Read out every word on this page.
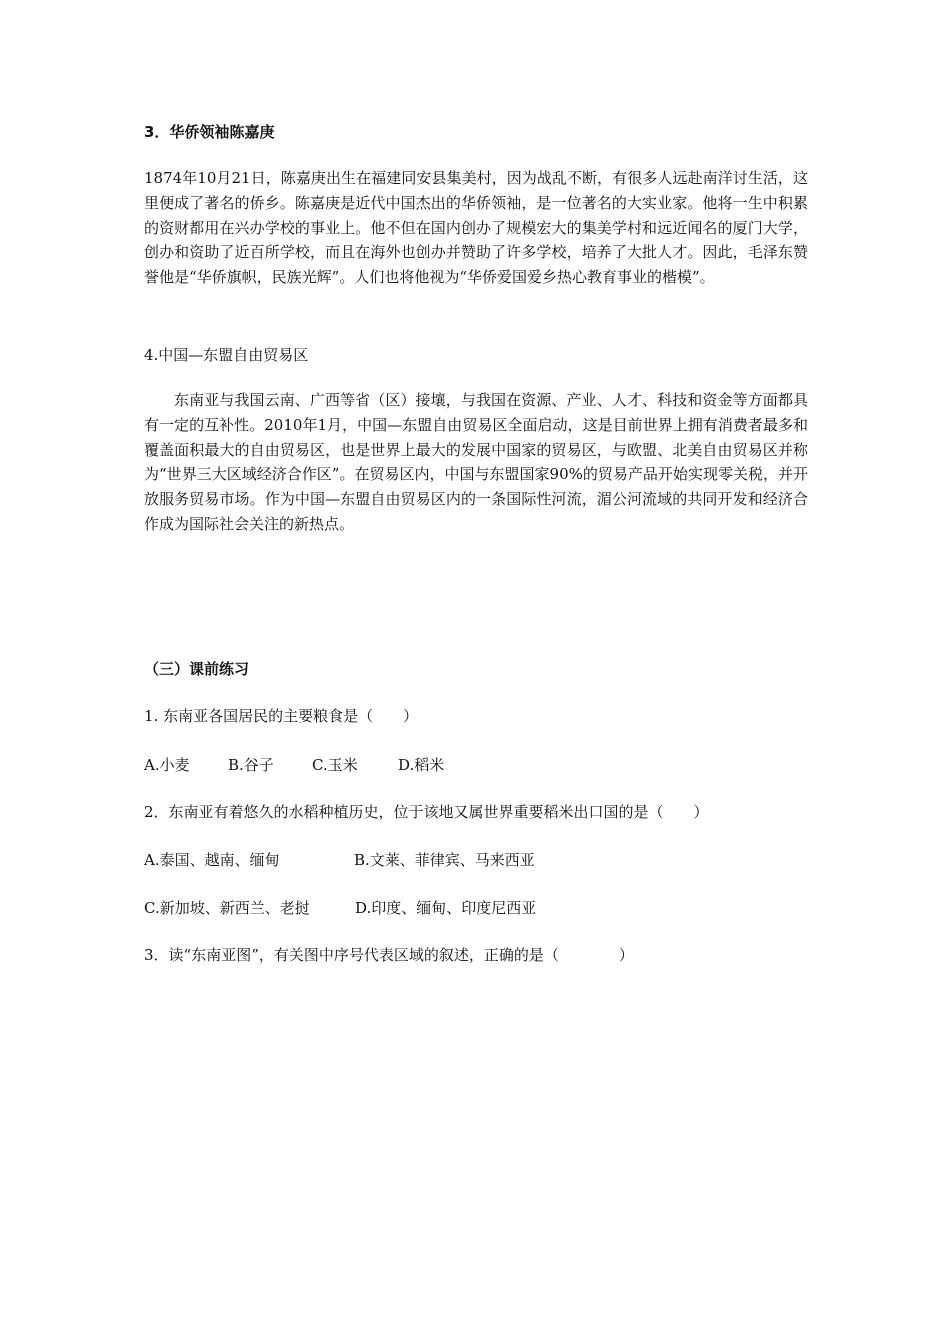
3．华侨领袖陈嘉庚

1874年10月21日，陈嘉庚出生在福建同安县集美村，因为战乱不断，有很多人远赴南洋讨生活，这里便成了著名的侨乡。陈嘉庚是近代中国杰出的华侨领袖，是一位著名的大实业家。他将一生中积累的资财都用在兴办学校的事业上。他不但在国内创办了规模宏大的集美学村和远近闻名的厦门大学，创办和资助了近百所学校，而且在海外也创办并赞助了许多学校，培养了大批人才。因此，毛泽东赞誉他是“华侨旗帜，民族光辉”。人们也将他视为“华侨爱国爱乡热心教育事业的楷模”。

4.中国—东盟自由贸易区

东南亚与我国云南、广西等省（区）接壤，与我国在资源、产业、人才、科技和资金等方面都具有一定的互补性。2010年1月，中国—东盟自由贸易区全面启动，这是目前世界上拥有消费者最多和覆盖面积最大的自由贸易区，也是世界上最大的发展中国家的贸易区，与欧盟、北美自由贸易区并称为“世界三大区域经济合作区”。在贸易区内，中国与东盟国家90%的贸易产品开始实现零关税，并开放服务贸易市场。作为中国—东盟自由贸易区内的一条国际性河流，湄公河流域的共同开发和经济合作成为国际社会关注的新热点。

（三）课前练习
1. 东南亚各国居民的主要粮食是（　　）
A.小麦	B.谷子	C.玉米	D.稻米
2．东南亚有着悠久的水稻种植历史，位于该地又属世界重要稻米出口国的是（　　）
A.泰国、越南、缅甸	B.文莱、菲律宾、马来西亚
C.新加坡、新西兰、老挝	D.印度、缅甸、印度尼西亚
3．读“东南亚图”，有关图中序号代表区域的叙述，正确的是（　　　　）
